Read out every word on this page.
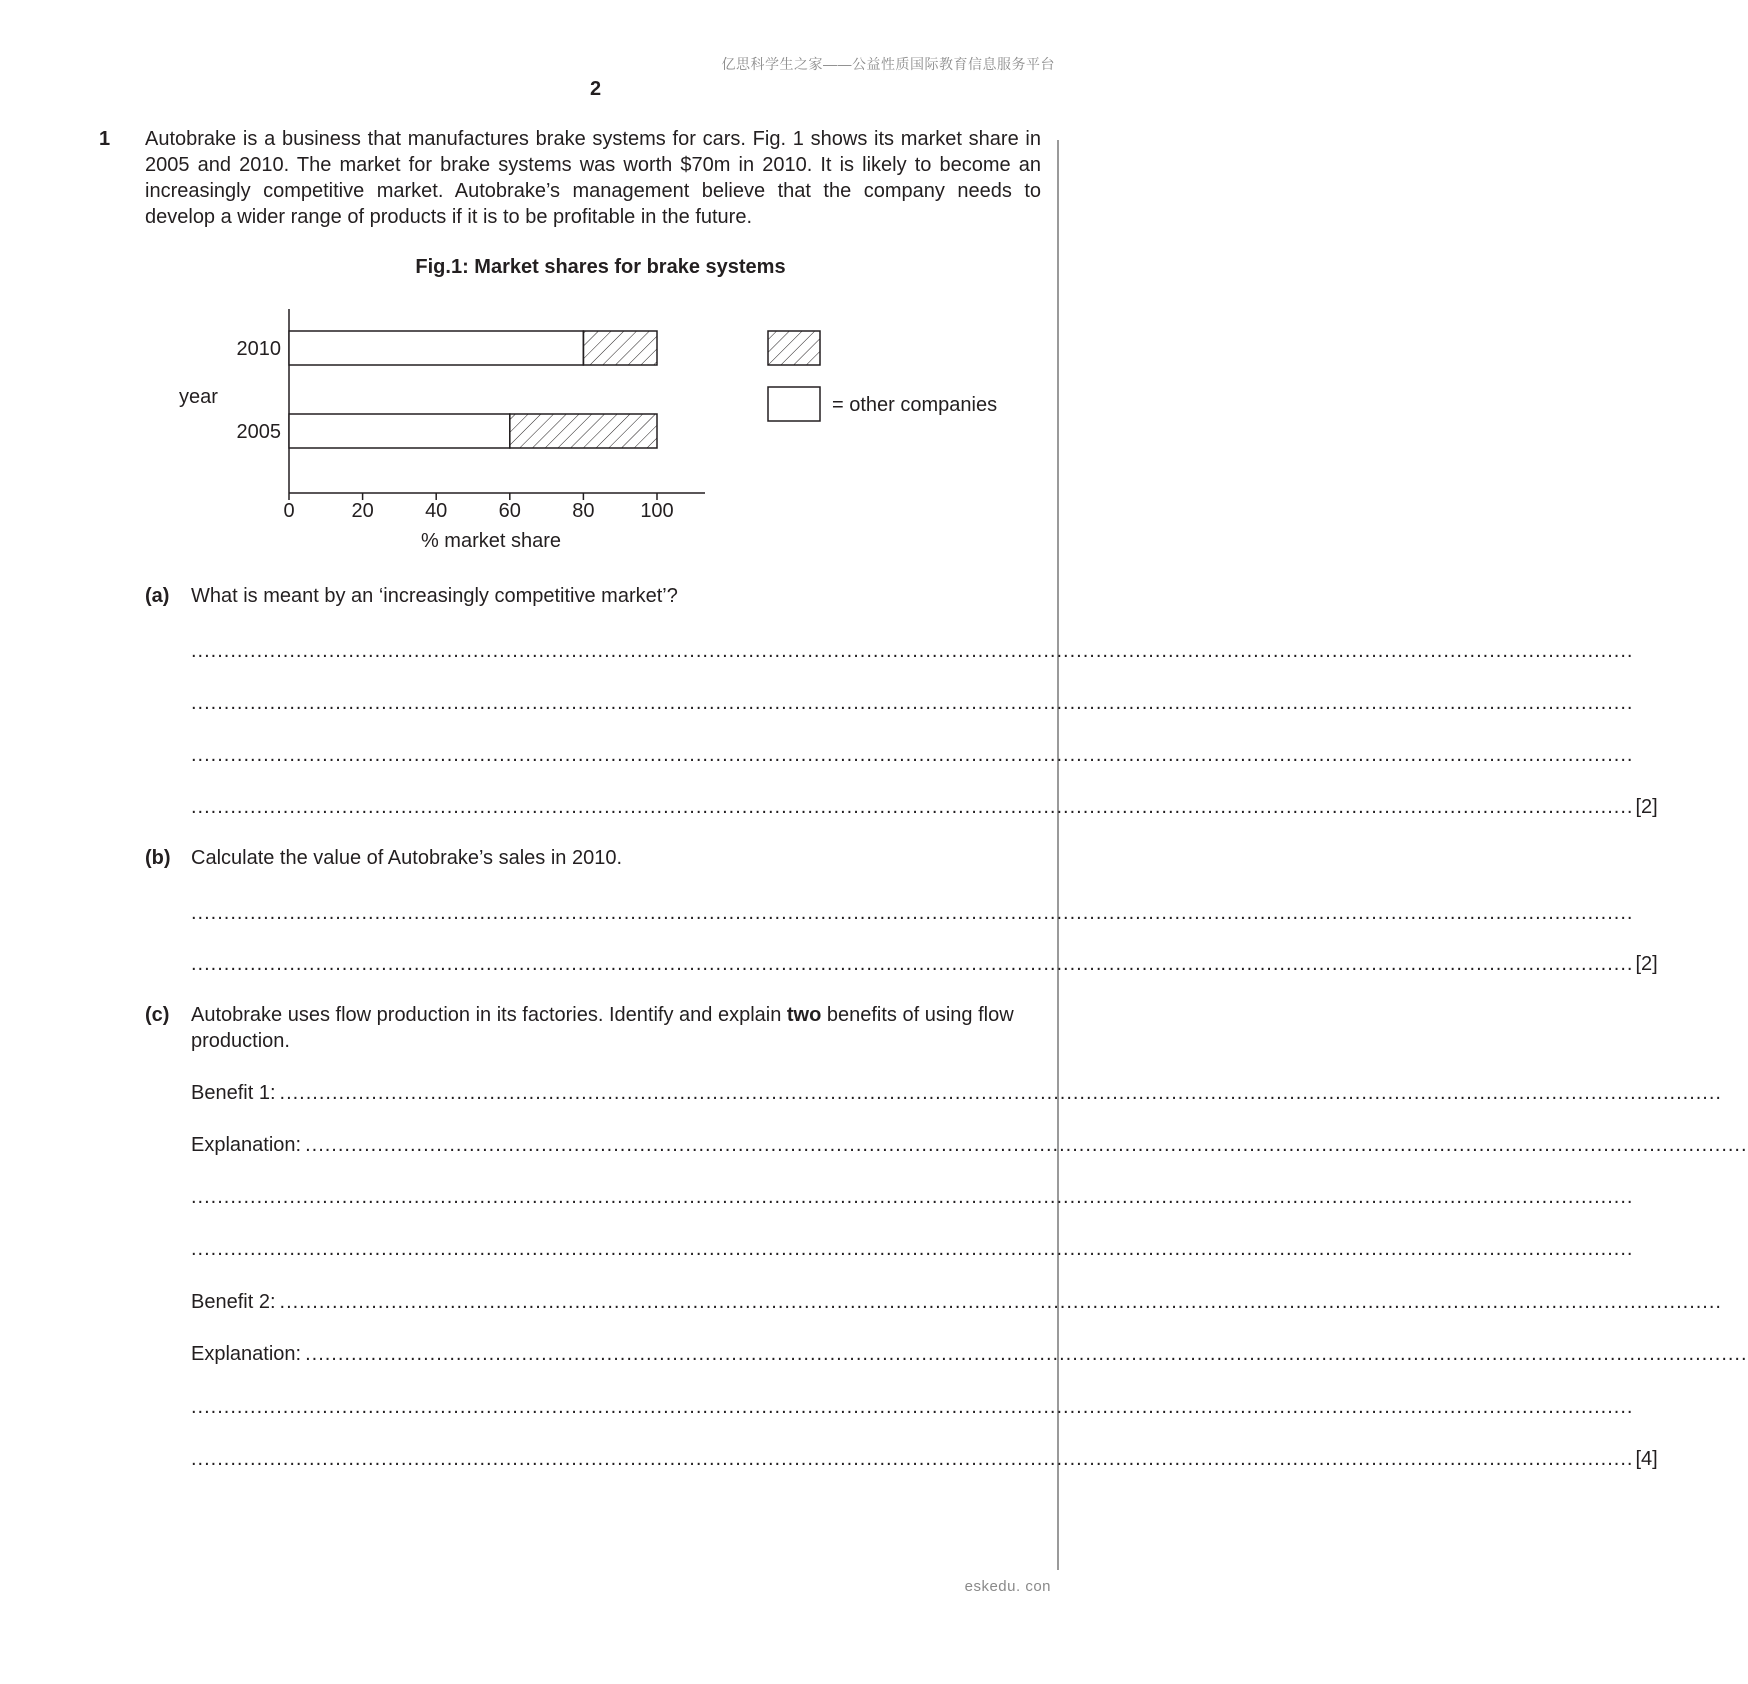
亿思科学生之家——公益性质国际教育信息服务平台
2
1 Autobrake is a business that manufactures brake systems for cars. Fig. 1 shows its market share in 2005 and 2010. The market for brake systems was worth $70m in 2010. It is likely to become an increasingly competitive market. Autobrake’s management believe that the company needs to develop a wider range of products if it is to be profitable in the future.
Fig.1: Market shares for brake systems
0	20	40	60	80 100
2010
2005
year
% market share
= other companies
(a) What is meant by an ‘increasingly competitive market’?
............................................................................................................................................................................................................................
............................................................................................................................................................................................................................
............................................................................................................................................................................................................................
............................................................................................................................................................................................................................ [2]
(b) Calculate the value of Autobrake’s sales in 2010.
............................................................................................................................................................................................................................
............................................................................................................................................................................................................................ [2]
(c) Autobrake uses flow production in its factories. Identify and explain two benefits of using flow production.
Benefit 1: ............................................................................................................................................................................................................................
Explanation: ............................................................................................................................................................................................................................
............................................................................................................................................................................................................................
............................................................................................................................................................................................................................
Benefit 2: ............................................................................................................................................................................................................................
Explanation: ............................................................................................................................................................................................................................
............................................................................................................................................................................................................................
............................................................................................................................................................................................................................ [4]
eskedu. con
